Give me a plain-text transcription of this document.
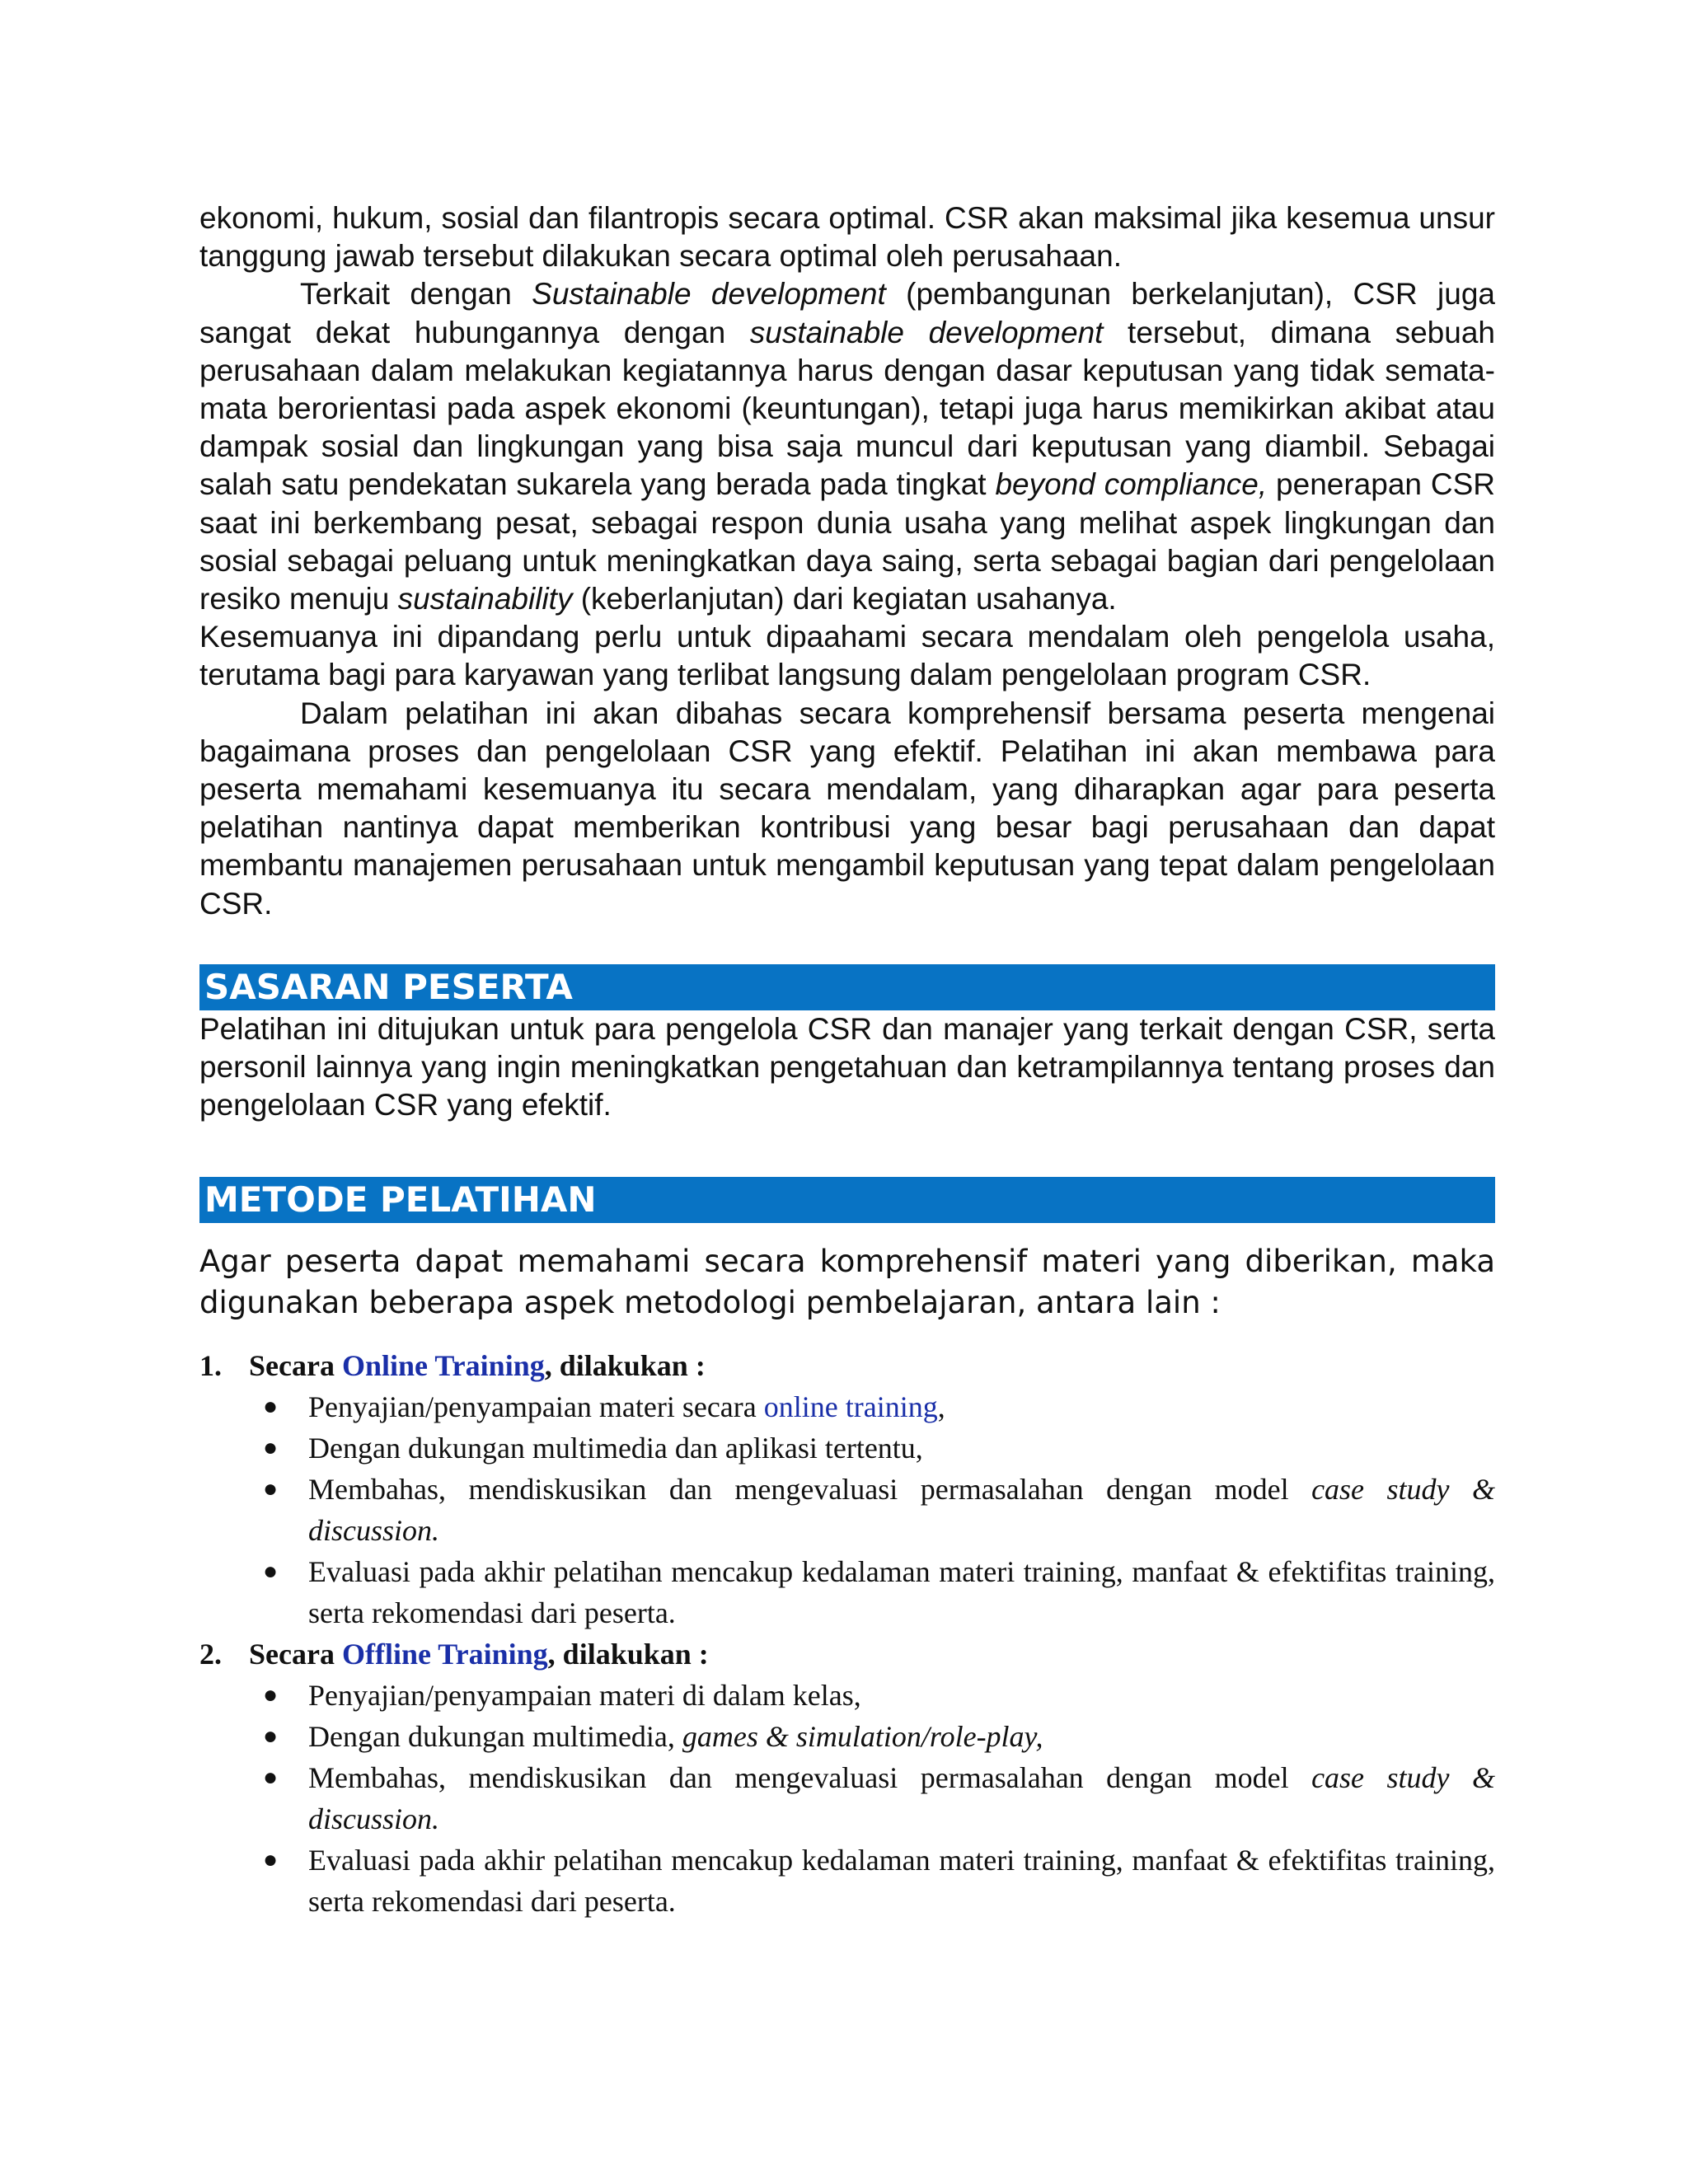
ekonomi, hukum, sosial dan filantropis secara optimal. CSR akan maksimal jika kesemua unsur tanggung jawab tersebut dilakukan secara optimal oleh perusahaan.

Terkait dengan Sustainable development (pembangunan berkelanjutan), CSR juga sangat dekat hubungannya dengan sustainable development tersebut, dimana sebuah perusahaan dalam melakukan kegiatannya harus dengan dasar keputusan yang tidak semata-mata berorientasi pada aspek ekonomi (keuntungan), tetapi juga harus memikirkan akibat atau dampak sosial dan lingkungan yang bisa saja muncul dari keputusan yang diambil. Sebagai salah satu pendekatan sukarela yang berada pada tingkat beyond compliance, penerapan CSR saat ini berkembang pesat, sebagai respon dunia usaha yang melihat aspek lingkungan dan sosial sebagai peluang untuk meningkatkan daya saing, serta sebagai bagian dari pengelolaan resiko menuju sustainability (keberlanjutan) dari kegiatan usahanya.

Kesemuanya ini dipandang perlu untuk dipaahami secara mendalam oleh pengelola usaha, terutama bagi para karyawan yang terlibat langsung dalam pengelolaan program CSR.

Dalam pelatihan ini akan dibahas secara komprehensif bersama peserta mengenai bagaimana proses dan pengelolaan CSR yang efektif. Pelatihan ini akan membawa para peserta memahami kesemuanya itu secara mendalam, yang diharapkan agar para peserta pelatihan nantinya dapat memberikan kontribusi yang besar bagi perusahaan dan dapat membantu manajemen perusahaan untuk mengambil keputusan yang tepat dalam pengelolaan CSR.

SASARAN PESERTA

Pelatihan ini ditujukan untuk para pengelola CSR dan manajer yang terkait dengan CSR, serta personil lainnya yang ingin meningkatkan pengetahuan dan ketrampilannya tentang proses dan pengelolaan CSR yang efektif.

METODE PELATIHAN

Agar peserta dapat memahami secara komprehensif materi yang diberikan, maka digunakan beberapa aspek metodologi pembelajaran, antara lain :

1. Secara Online Training, dilakukan :

● Penyajian/penyampaian materi secara online training,
● Dengan dukungan multimedia dan aplikasi tertentu,
● Membahas, mendiskusikan dan mengevaluasi permasalahan dengan model case study & discussion.
● Evaluasi pada akhir pelatihan mencakup kedalaman materi training, manfaat & efektifitas training, serta rekomendasi dari peserta.

2. Secara Offline Training, dilakukan :

● Penyajian/penyampaian materi di dalam kelas,
● Dengan dukungan multimedia, games & simulation/role-play,
● Membahas, mendiskusikan dan mengevaluasi permasalahan dengan model case study & discussion.
● Evaluasi pada akhir pelatihan mencakup kedalaman materi training, manfaat & efektifitas training, serta rekomendasi dari peserta.
